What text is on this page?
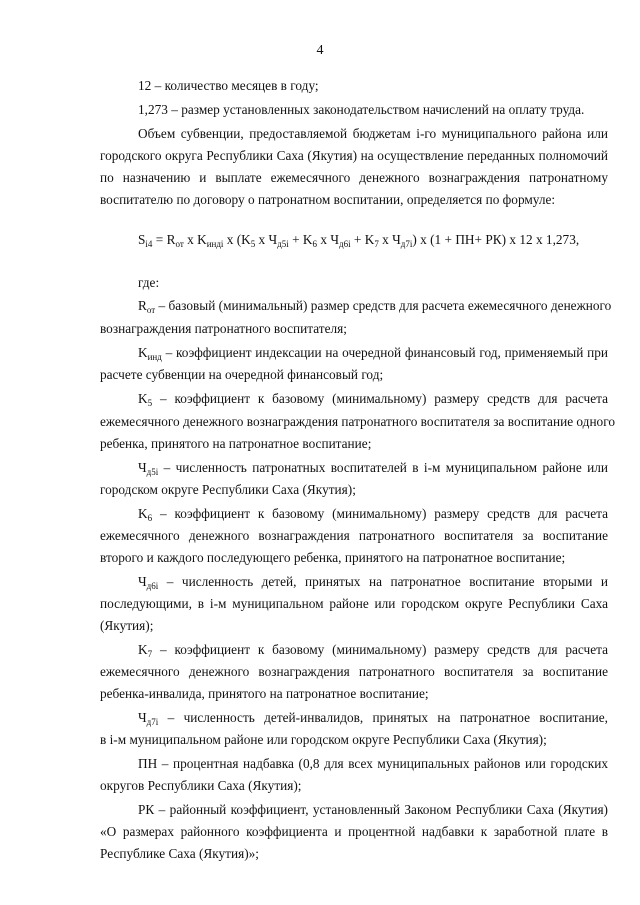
4
12 – количество месяцев в году;
1,273 – размер установленных законодательством начислений на оплату труда.
Объем субвенции, предоставляемой бюджетам i-го муниципального района или
городского округа Республики Саха (Якутия) на осуществление переданных полномочий
по назначению и выплате ежемесячного денежного вознаграждения патронатному
воспитателю по договору о патронатном воспитании, определяется по формуле:
$S_{i4} = R_{от}$ x $K_{индi}$ x ($K_5$ x $Ч_{д5i} + K_6$ x $Ч_{д6i} + K_7$ x $Ч_{д7i}$) x (1 + ПН+ РК) x 12 x 1,273,
где:
$R_{от}$ – базовый (минимальный) размер средств для расчета ежемесячного денежного
вознаграждения патронатного воспитателя;
$K_{инд}$ – коэффициент индексации на очередной финансовый год, применяемый при
расчете субвенции на очередной финансовый год;
$K_5$ – коэффициент к базовому (минимальному) размеру средств для расчета
ежемесячного денежного вознаграждения патронатного воспитателя за воспитание одного
ребенка, принятого на патронатное воспитание;
$Ч_{д5i}$ – численность патронатных воспитателей в i-м муниципальном районе или
городском округе Республики Саха (Якутия);
$K_6$ – коэффициент к базовому (минимальному) размеру средств для расчета
ежемесячного денежного вознаграждения патронатного воспитателя за воспитание
второго и каждого последующего ребенка, принятого на патронатное воспитание;
$Ч_{д6i}$ – численность детей, принятых на патронатное воспитание вторыми и
последующими, в i-м муниципальном районе или городском округе Республики Саха
(Якутия);
$K_7$ – коэффициент к базовому (минимальному) размеру средств для расчета
ежемесячного денежного вознаграждения патронатного воспитателя за воспитание
ребенка-инвалида, принятого на патронатное воспитание;
$Ч_{д7i}$ – численность детей-инвалидов, принятых на патронатное воспитание,
в i-м муниципальном районе или городском округе Республики Саха (Якутия);
ПН – процентная надбавка (0,8 для всех муниципальных районов или городских
округов Республики Саха (Якутия);
РК – районный коэффициент, установленный Законом Республики Саха (Якутия)
«О размерах районного коэффициента и процентной надбавки к заработной плате в
Республике Саха (Якутия)»;
